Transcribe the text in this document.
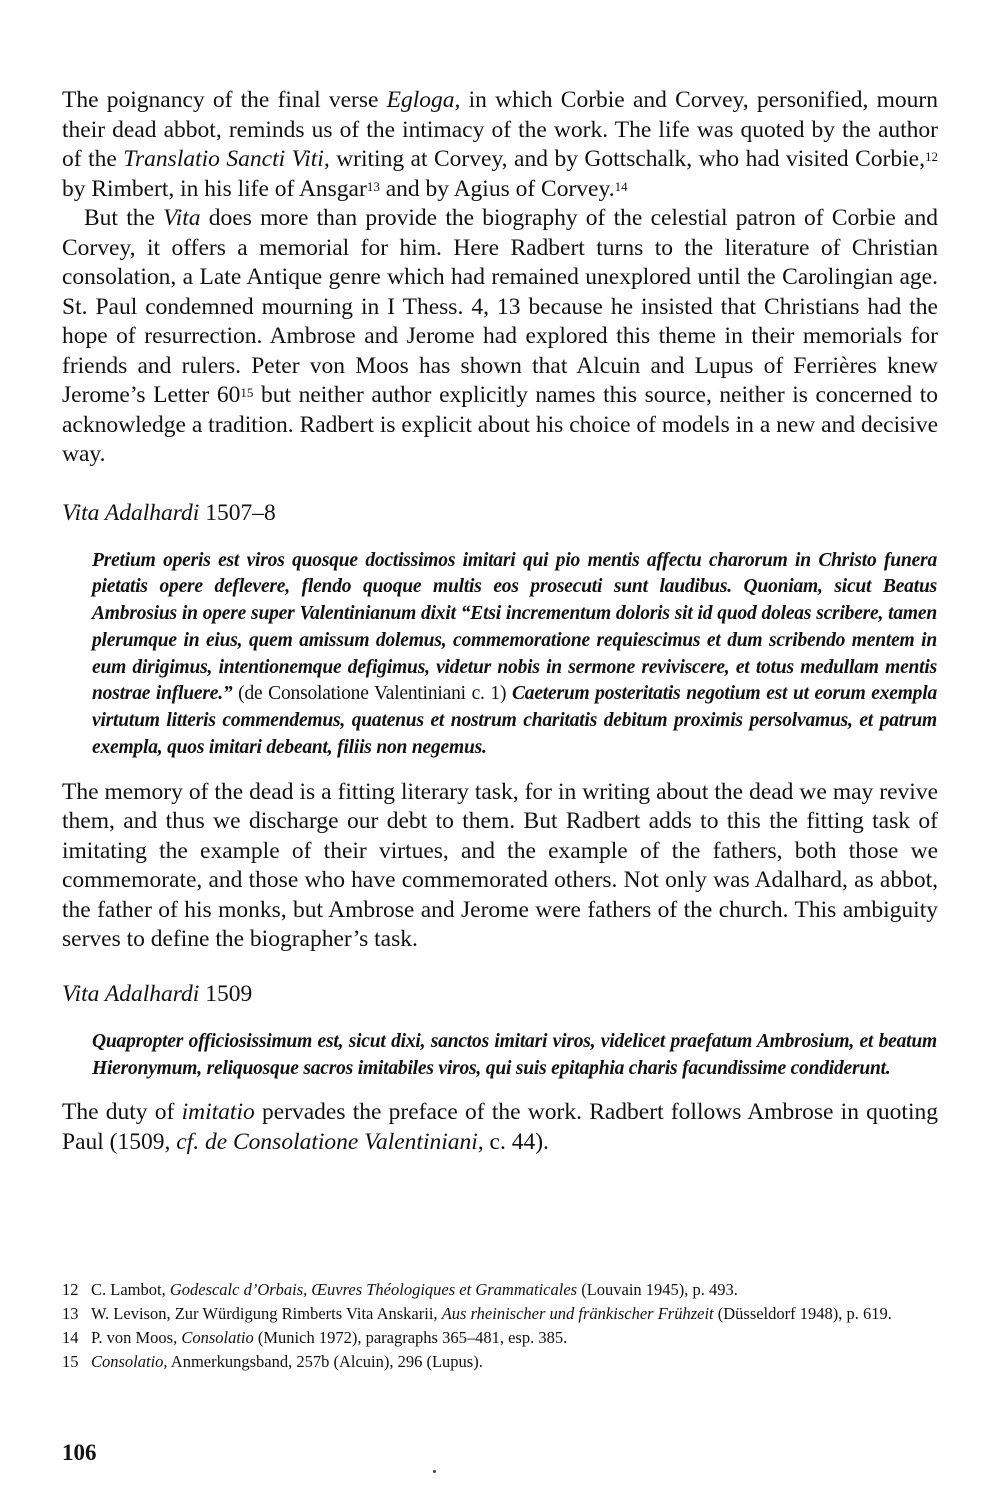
The poignancy of the final verse Egloga, in which Corbie and Corvey, personified, mourn their dead abbot, reminds us of the intimacy of the work. The life was quoted by the author of the Translatio Sancti Viti, writing at Corvey, and by Gottschalk, who had visited Corbie,$^{12}$ by Rimbert, in his life of Ansgar$^{13}$ and by Agius of Corvey.$^{14}$

But the Vita does more than provide the biography of the celestial patron of Corbie and Corvey, it offers a memorial for him. Here Radbert turns to the literature of Christian consolation, a Late Antique genre which had remained unexplored until the Carolingian age. St. Paul condemned mourning in I Thess. 4, 13 because he insisted that Christians had the hope of resurrection. Ambrose and Jerome had explored this theme in their memorials for friends and rulers. Peter von Moos has shown that Alcuin and Lupus of Ferrières knew Jerome’s Letter 60$^{15}$ but neither author explicitly names this source, neither is concerned to acknowledge a tradition. Radbert is explicit about his choice of models in a new and decisive way.

Vita Adalhardi 1507–8

Pretium operis est viros quosque doctissimos imitari qui pio mentis affectu charorum in Christo funera pietatis opere deflevere, flendo quoque multis eos prosecuti sunt laudibus. Quoniam, sicut Beatus Ambrosius in opere super Valentinianum dixit “Etsi incrementum doloris sit id quod doleas scribere, tamen plerumque in eius, quem amissum dolemus, commemoratione requiescimus et dum scribendo mentem in eum dirigimus, intentionemque defigimus, videtur nobis in sermone reviviscere, et totus medullam mentis nostrae influere.” (de Consolatione Valentiniani c. 1) Caeterum posteritatis negotium est ut eorum exempla virtutum litteris commendemus, quatenus et nostrum charitatis debitum proximis persolvamus, et patrum exempla, quos imitari debeant, filiis non negemus.

The memory of the dead is a fitting literary task, for in writing about the dead we may revive them, and thus we discharge our debt to them. But Radbert adds to this the fitting task of imitating the example of their virtues, and the example of the fathers, both those we commemorate, and those who have commemorated others. Not only was Adalhard, as abbot, the father of his monks, but Ambrose and Jerome were fathers of the church. This ambiguity serves to define the biographer’s task.

Vita Adalhardi 1509

Quapropter officiosissimum est, sicut dixi, sanctos imitari viros, videlicet praefatum Ambrosium, et beatum Hieronymum, reliquosque sacros imitabiles viros, qui suis epitaphia charis facundissime condiderunt.

The duty of imitatio pervades the preface of the work. Radbert follows Ambrose in quoting Paul (1509, cf. de Consolatione Valentiniani, c. 44).

12 C. Lambot, Godescalc d’Orbais, Œuvres Théologiques et Grammaticales (Louvain 1945), p. 493.
13 W. Levison, Zur Würdigung Rimberts Vita Anskarii, Aus rheinischer und fränkischer Frühzeit (Düsseldorf 1948), p. 619.
14 P. von Moos, Consolatio (Munich 1972), paragraphs 365–481, esp. 385.
15 Consolatio, Anmerkungsband, 257b (Alcuin), 296 (Lupus).
106
